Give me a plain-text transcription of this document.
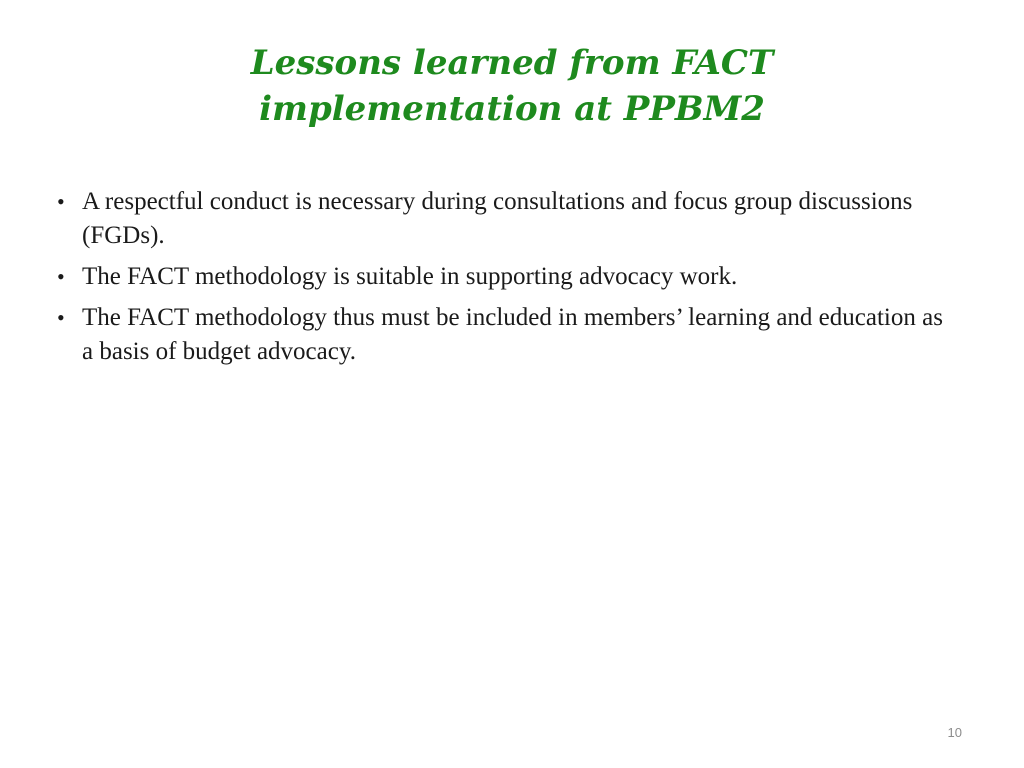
Lessons learned from FACT
implementation at PPBM2
• A respectful conduct is necessary during consultations and focus group discussions (FGDs).
• The FACT methodology is suitable in supporting advocacy work.
• The FACT methodology thus must be included in members’ learning and education as a basis of budget advocacy.
10
